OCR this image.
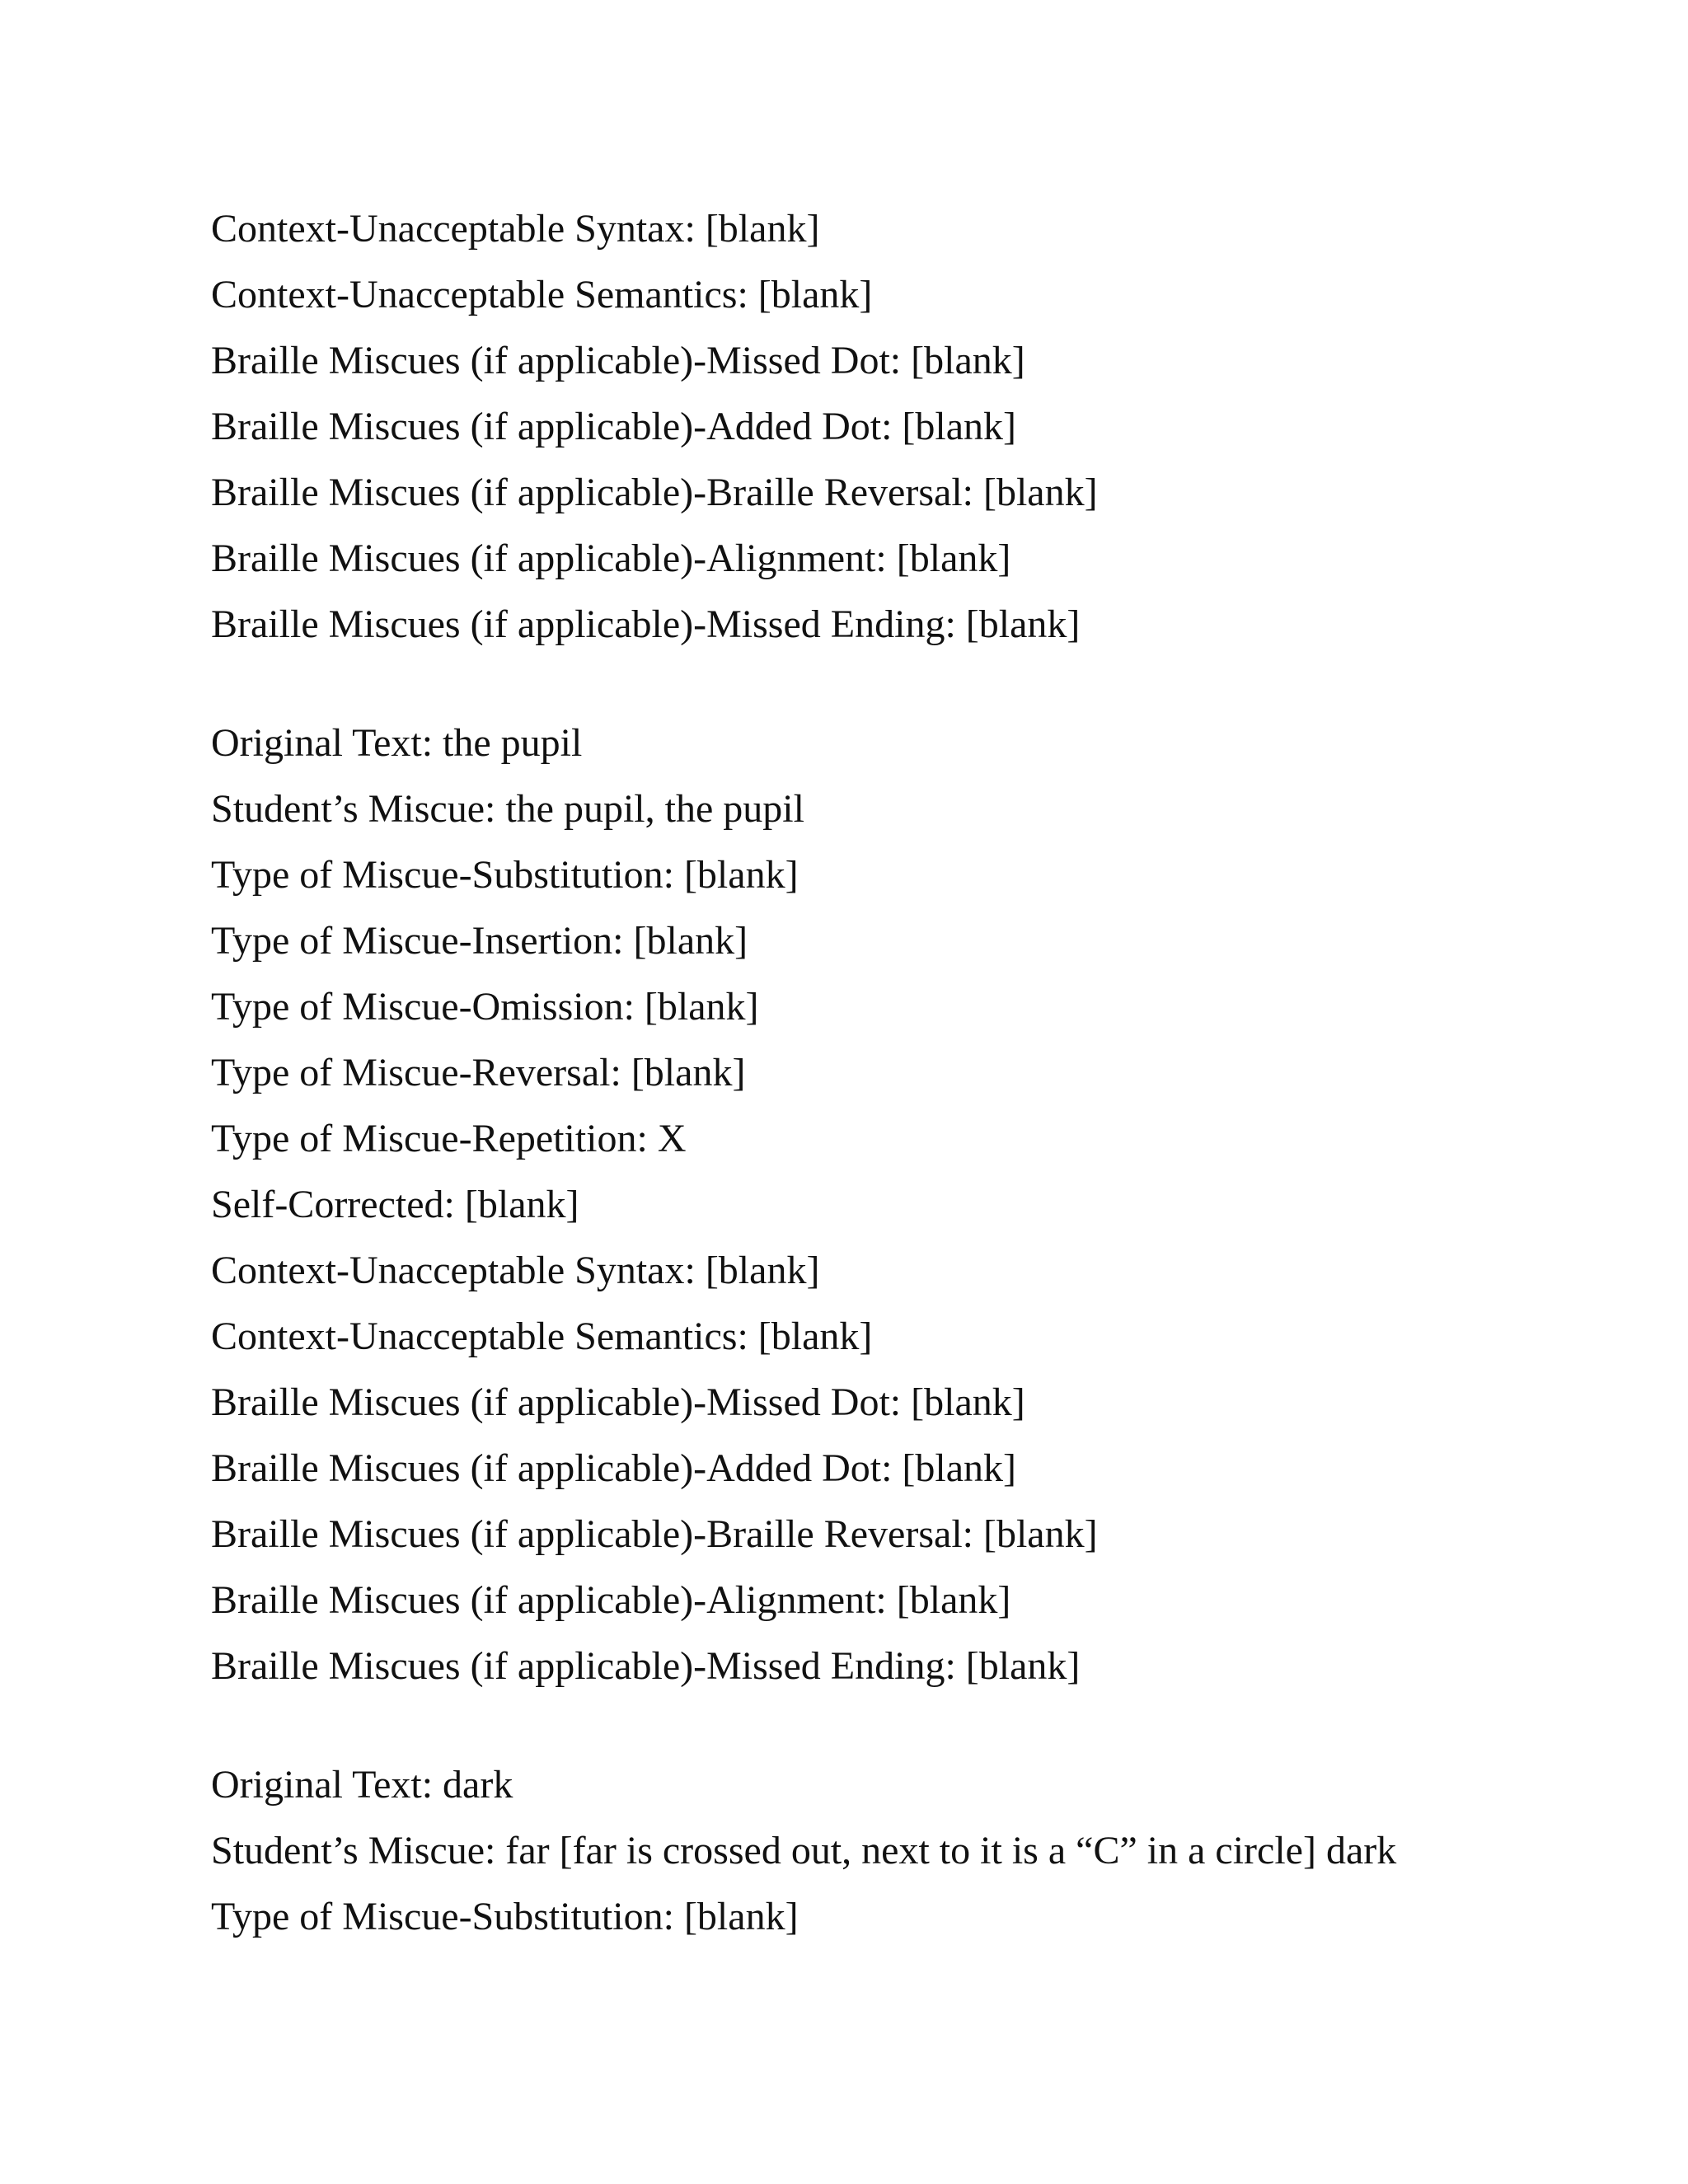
Context-Unacceptable Syntax: [blank]
Context-Unacceptable Semantics: [blank]
Braille Miscues (if applicable)-Missed Dot: [blank]
Braille Miscues (if applicable)-Added Dot: [blank]
Braille Miscues (if applicable)-Braille Reversal: [blank]
Braille Miscues (if applicable)-Alignment: [blank]
Braille Miscues (if applicable)-Missed Ending: [blank]
Original Text: the pupil
Student’s Miscue: the pupil, the pupil
Type of Miscue-Substitution: [blank]
Type of Miscue-Insertion: [blank]
Type of Miscue-Omission: [blank]
Type of Miscue-Reversal: [blank]
Type of Miscue-Repetition: X
Self-Corrected: [blank]
Context-Unacceptable Syntax: [blank]
Context-Unacceptable Semantics: [blank]
Braille Miscues (if applicable)-Missed Dot: [blank]
Braille Miscues (if applicable)-Added Dot: [blank]
Braille Miscues (if applicable)-Braille Reversal: [blank]
Braille Miscues (if applicable)-Alignment: [blank]
Braille Miscues (if applicable)-Missed Ending: [blank]
Original Text: dark
Student’s Miscue: far [far is crossed out, next to it is a “C” in a circle] dark
Type of Miscue-Substitution: [blank]
